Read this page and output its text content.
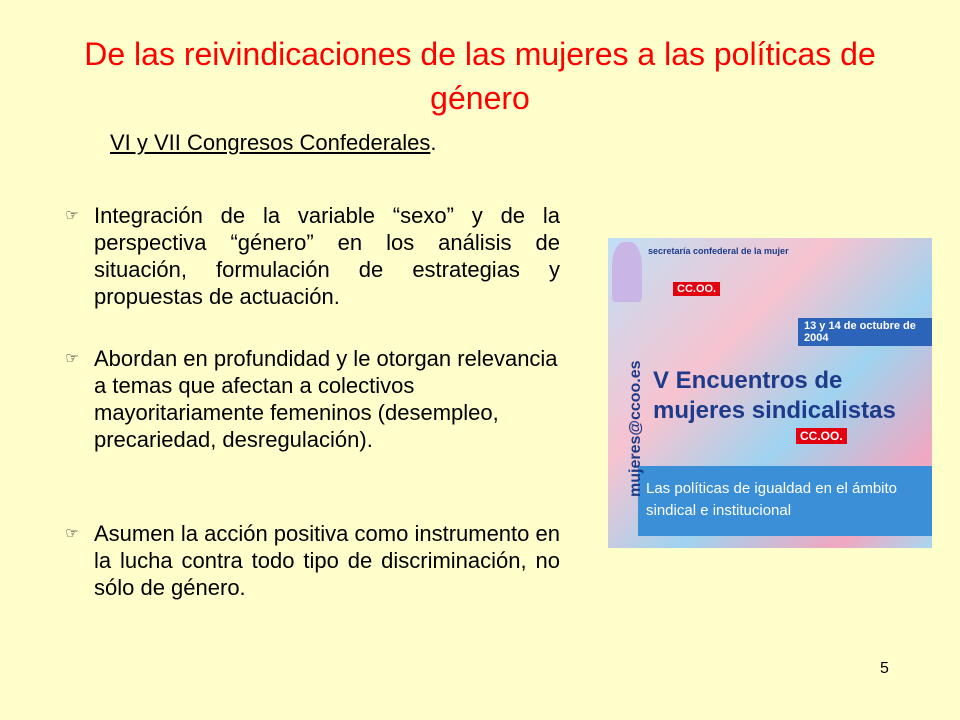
De las reivindicaciones de las mujeres a las políticas de género
VI y VII Congresos Confederales.
☞ Integración de la variable “sexo” y de la perspectiva “género” en los análisis de situación, formulación de estrategias y propuestas de actuación.
☞ Abordan en profundidad y le otorgan relevancia a temas que afectan a colectivos mayoritariamente femeninos (desempleo, precariedad, desregulación).
☞ Asumen la acción positiva como instrumento en la lucha contra todo tipo de discriminación, no sólo de género.
secretaría confederal de la mujer
CC.OO.
13 y 14 de octubre de 2004
V Encuentros de mujeres sindicalistas
CC.OO.
Las políticas de igualdad en el ámbito sindical e institucional
mujeres@ccoo.es
5
